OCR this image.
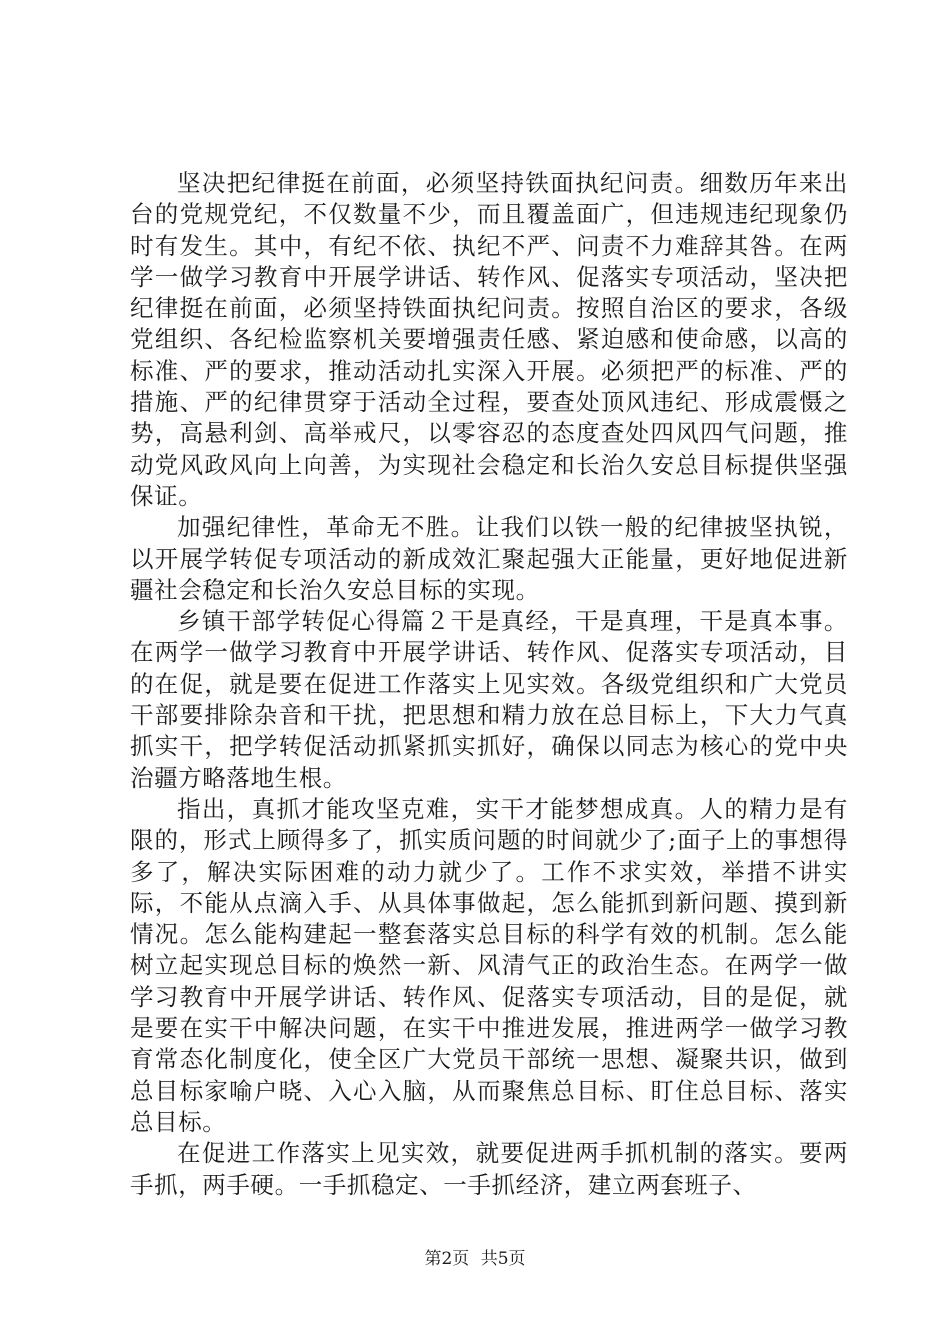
坚决把纪律挺在前面，必须坚持铁面执纪问责。细数历年来出台的党规党纪，不仅数量不少，而且覆盖面广，但违规违纪现象仍时有发生。其中，有纪不依、执纪不严、问责不力难辞其咎。在两学一做学习教育中开展学讲话、转作风、促落实专项活动，坚决把纪律挺在前面，必须坚持铁面执纪问责。按照自治区的要求，各级党组织、各纪检监察机关要增强责任感、紧迫感和使命感，以高的标准、严的要求，推动活动扎实深入开展。必须把严的标准、严的措施、严的纪律贯穿于活动全过程，要查处顶风违纪、形成震慑之势，高悬利剑、高举戒尺，以零容忍的态度查处四风四气问题，推动党风政风向上向善，为实现社会稳定和长治久安总目标提供坚强保证。

加强纪律性，革命无不胜。让我们以铁一般的纪律披坚执锐，以开展学转促专项活动的新成效汇聚起强大正能量，更好地促进新疆社会稳定和长治久安总目标的实现。

乡镇干部学转促心得篇２干是真经，干是真理，干是真本事。在两学一做学习教育中开展学讲话、转作风、促落实专项活动，目的在促，就是要在促进工作落实上见实效。各级党组织和广大党员干部要排除杂音和干扰，把思想和精力放在总目标上，下大力气真抓实干，把学转促活动抓紧抓实抓好，确保以同志为核心的党中央治疆方略落地生根。

指出，真抓才能攻坚克难，实干才能梦想成真。人的精力是有限的，形式上顾得多了，抓实质问题的时间就少了;面子上的事想得多了，解决实际困难的动力就少了。工作不求实效，举措不讲实际，不能从点滴入手、从具体事做起，怎么能抓到新问题、摸到新情况。怎么能构建起一整套落实总目标的科学有效的机制。怎么能树立起实现总目标的焕然一新、风清气正的政治生态。在两学一做学习教育中开展学讲话、转作风、促落实专项活动，目的是促，就是要在实干中解决问题，在实干中推进发展，推进两学一做学习教育常态化制度化，使全区广大党员干部统一思想、凝聚共识，做到总目标家喻户晓、入心入脑，从而聚焦总目标、盯住总目标、落实总目标。

在促进工作落实上见实效，就要促进两手抓机制的落实。要两手抓，两手硬。一手抓稳定、一手抓经济，建立两套班子、

第2页 共5页
